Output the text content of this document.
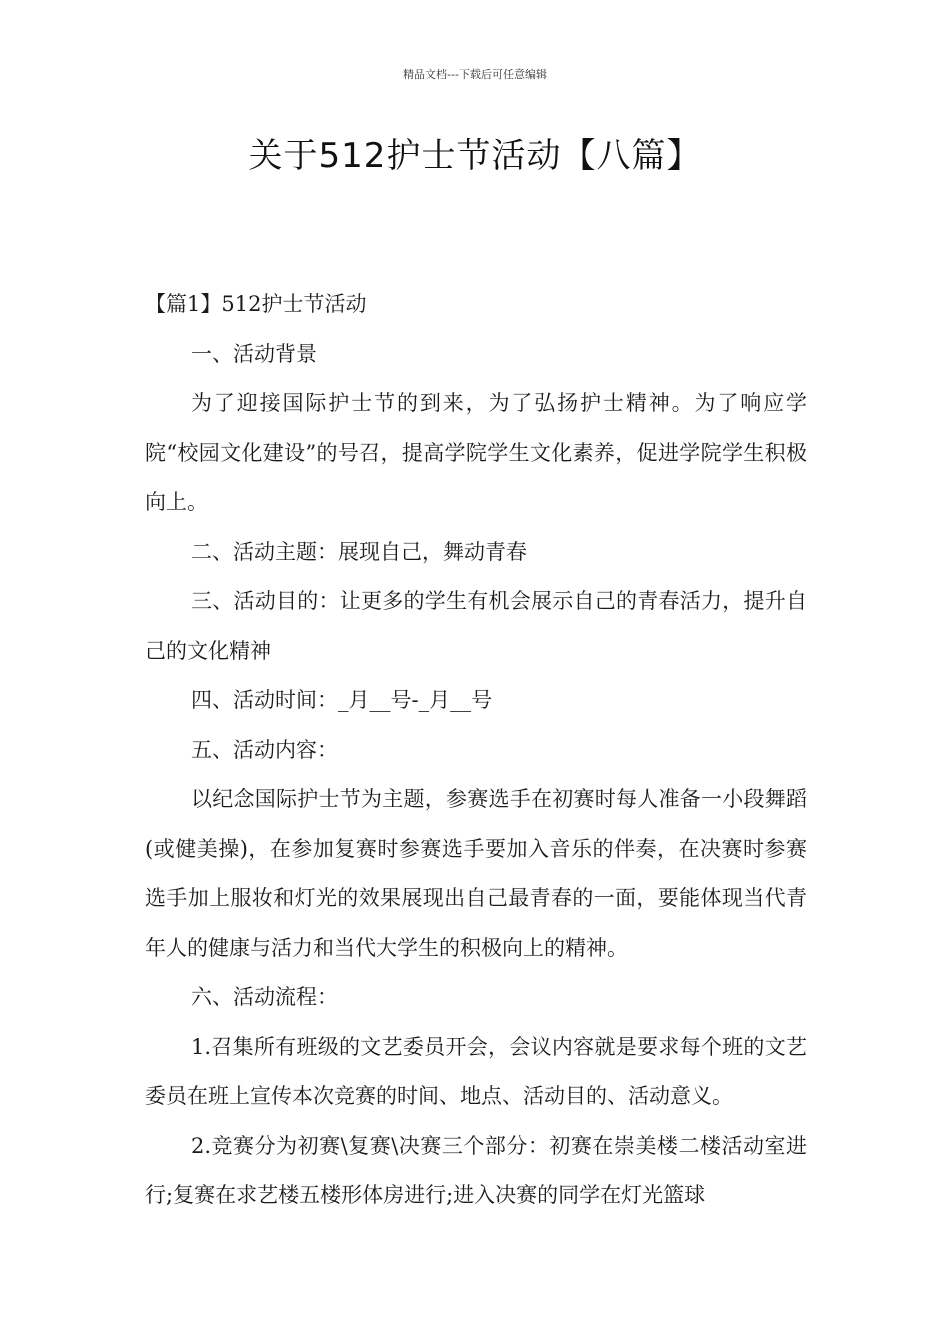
精品文档---下载后可任意编辑
关于512护士节活动【八篇】

【篇1】512护士节活动

一、活动背景

为了迎接国际护士节的到来，为了弘扬护士精神。为了响应学院“校园文化建设”的号召，提高学院学生文化素养，促进学院学生积极向上。

二、活动主题：展现自己，舞动青春

三、活动目的：让更多的学生有机会展示自己的青春活力，提升自己的文化精神

四、活动时间：_月__号-_月__号

五、活动内容：

以纪念国际护士节为主题，参赛选手在初赛时每人准备一小段舞蹈(或健美操)，在参加复赛时参赛选手要加入音乐的伴奏，在决赛时参赛选手加上服妆和灯光的效果展现出自己最青春的一面，要能体现当代青年人的健康与活力和当代大学生的积极向上的精神。

六、活动流程：

1.召集所有班级的文艺委员开会，会议内容就是要求每个班的文艺委员在班上宣传本次竞赛的时间、地点、活动目的、活动意义。

2.竞赛分为初赛\复赛\决赛三个部分：初赛在崇美楼二楼活动室进行;复赛在求艺楼五楼形体房进行;进入决赛的同学在灯光篮球
